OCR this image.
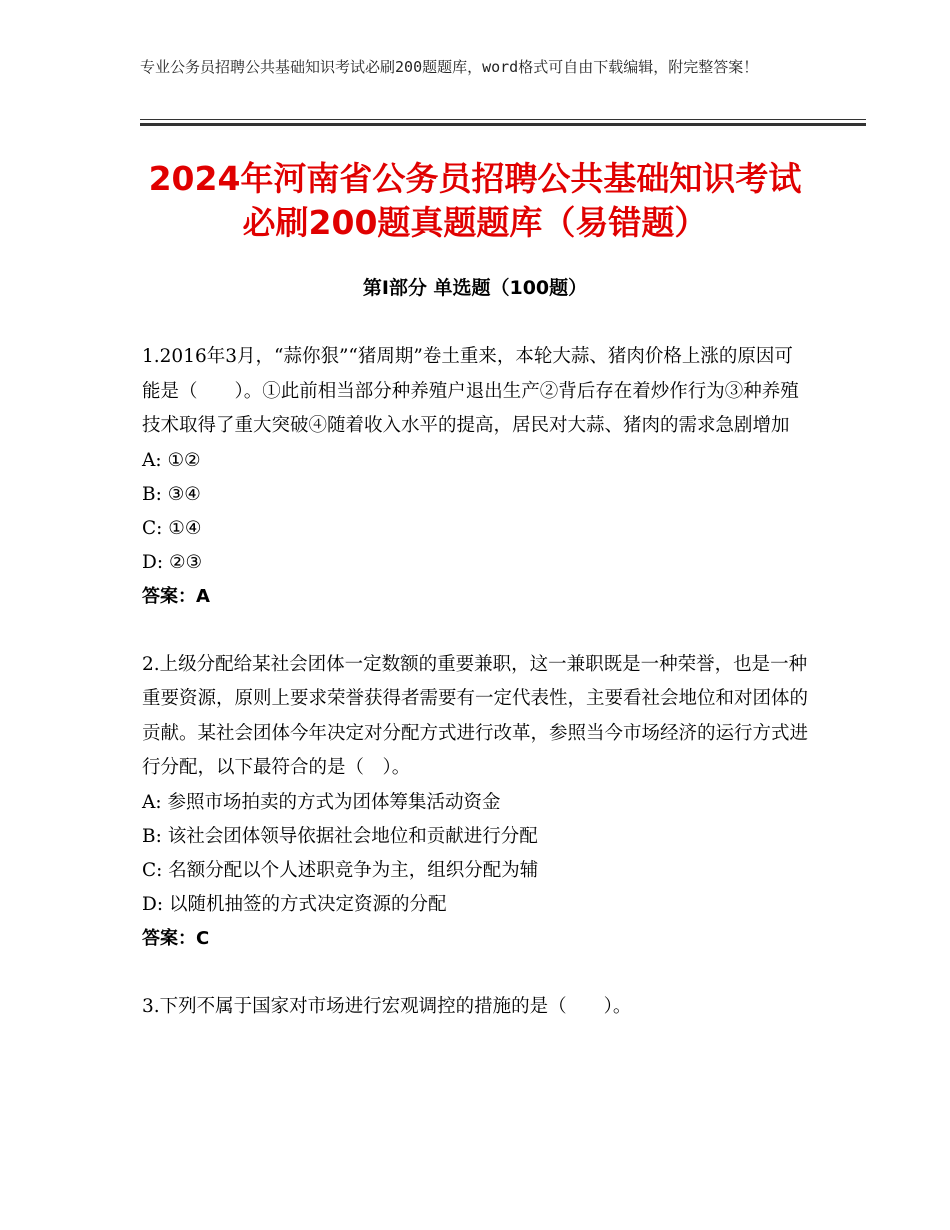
专业公务员招聘公共基础知识考试必刷200题题库，word格式可自由下载编辑，附完整答案！
2024年河南省公务员招聘公共基础知识考试
必刷200题真题题库（易错题）
第Ⅰ部分 单选题（100题）

1.2016年3月，“蒜你狠”“猪周期”卷土重来，本轮大蒜、猪肉价格上涨的原因可能是（　　）。①此前相当部分种养殖户退出生产②背后存在着炒作行为③种养殖技术取得了重大突破④随着收入水平的提高，居民对大蒜、猪肉的需求急剧增加

A: ①②

B: ③④

C: ①④

D: ②③

答案：A

2.上级分配给某社会团体一定数额的重要兼职，这一兼职既是一种荣誉，也是一种重要资源，原则上要求荣誉获得者需要有一定代表性，主要看社会地位和对团体的贡献。某社会团体今年决定对分配方式进行改革，参照当今市场经济的运行方式进行分配，以下最符合的是（　）。

A: 参照市场拍卖的方式为团体筹集活动资金

B: 该社会团体领导依据社会地位和贡献进行分配

C: 名额分配以个人述职竞争为主，组织分配为辅

D: 以随机抽签的方式决定资源的分配

答案：C

3.下列不属于国家对市场进行宏观调控的措施的是（　　）。
